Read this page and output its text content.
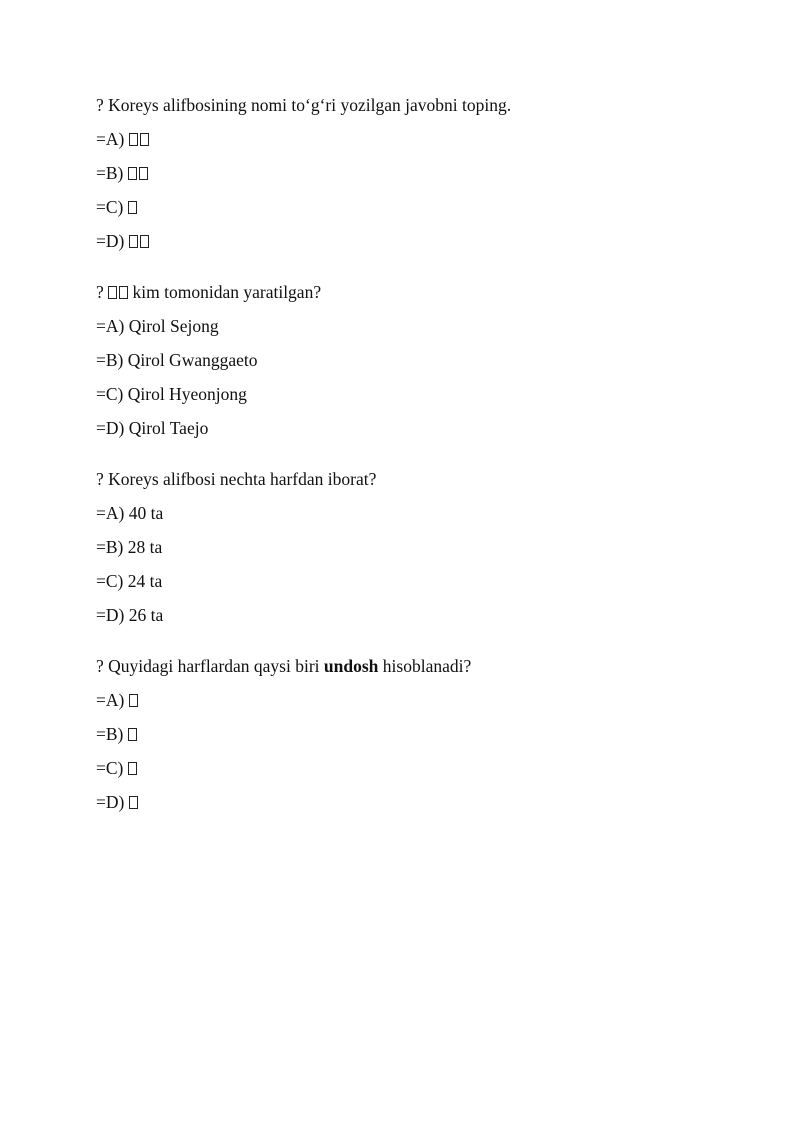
? Koreys alifbosining nomi to‘g‘ri yozilgan javobni toping.
=A)
=B)
=C)
=D)
?  kim tomonidan yaratilgan?
=A) Qirol Sejong
=B) Qirol Gwanggaeto
=C) Qirol Hyeonjong
=D) Qirol Taejo
? Koreys alifbosi nechta harfdan iborat?
=A) 40 ta
=B) 28 ta
=C) 24 ta
=D) 26 ta
? Quyidagi harflardan qaysi biri undosh hisoblanadi?
=A)
=B)
=C)
=D)
